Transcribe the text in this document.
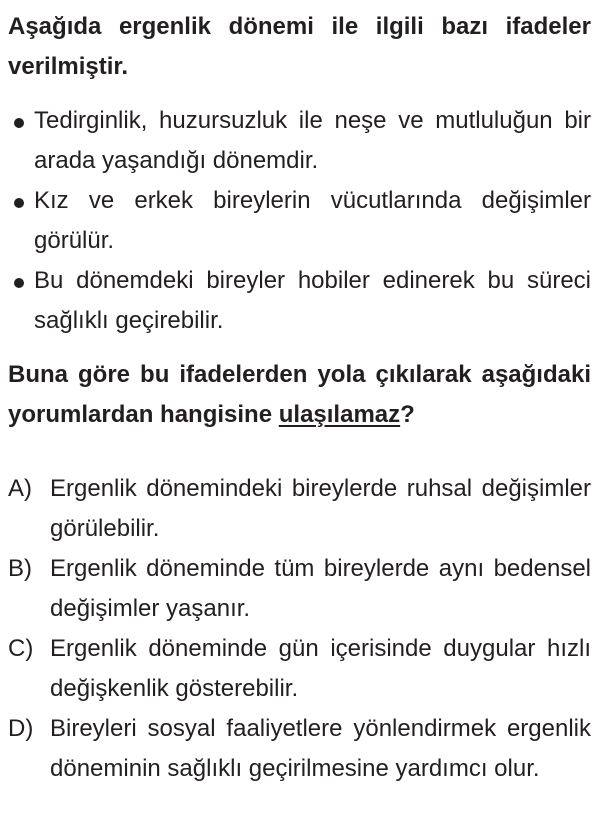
Aşağıda ergenlik dönemi ile ilgili bazı ifadeler verilmiştir.

Tedirginlik, huzursuzluk ile neşe ve mutluluğun bir arada yaşandığı dönemdir.
Kız ve erkek bireylerin vücutlarında değişimler görülür.
Bu dönemdeki bireyler hobiler edinerek bu süreci sağlıklı geçirebilir.

Buna göre bu ifadelerden yola çıkılarak aşağıdaki yorumlardan hangisine ulaşılamaz?

A) Ergenlik dönemindeki bireylerde ruhsal değişimler görülebilir.
B) Ergenlik döneminde tüm bireylerde aynı bedensel değişimler yaşanır.
C) Ergenlik döneminde gün içerisinde duygular hızlı değişkenlik gösterebilir.
D) Bireyleri sosyal faaliyetlere yönlendirmek ergenlik döneminin sağlıklı geçirilmesine yardımcı olur.
